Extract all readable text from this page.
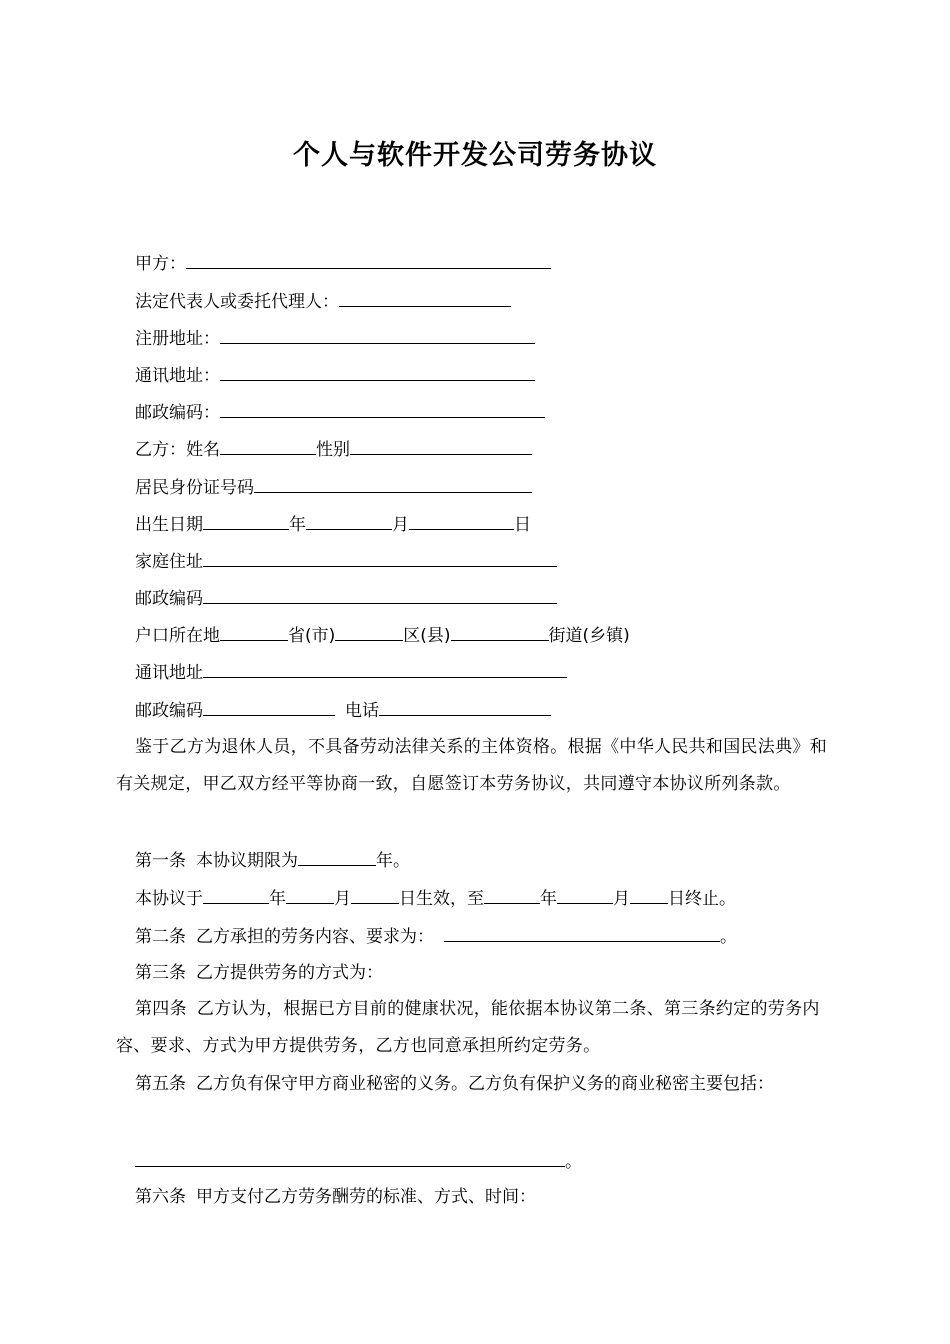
个人与软件开发公司劳务协议
甲方：
法定代表人或委托代理人：
注册地址：
通讯地址：
邮政编码：
乙方：姓名	性别
居民身份证号码
出生日期	年	月	日
家庭住址
邮政编码
户口所在地	省(市)	区(县)	街道(乡镇)
通讯地址
邮政编码	电话
鉴于乙方为退休人员，不具备劳动法律关系的主体资格。根据《中华人民共和国民法典》和有关规定，甲乙双方经平等协商一致，自愿签订本劳务协议，共同遵守本协议所列条款。
第一条 本协议期限为	年。
本协议于	年	月	日生效，至	年	月 日终止。
第二条 乙方承担的劳务内容、要求为：	。
第三条 乙方提供劳务的方式为：
第四条 乙方认为，根据已方目前的健康状况，能依据本协议第二条、第三条约定的劳务内容、要求、方式为甲方提供劳务，乙方也同意承担所约定劳务。
第五条 乙方负有保守甲方商业秘密的义务。乙方负有保护义务的商业秘密主要包括：
。
第六条 甲方支付乙方劳务酬劳的标准、方式、时间：
